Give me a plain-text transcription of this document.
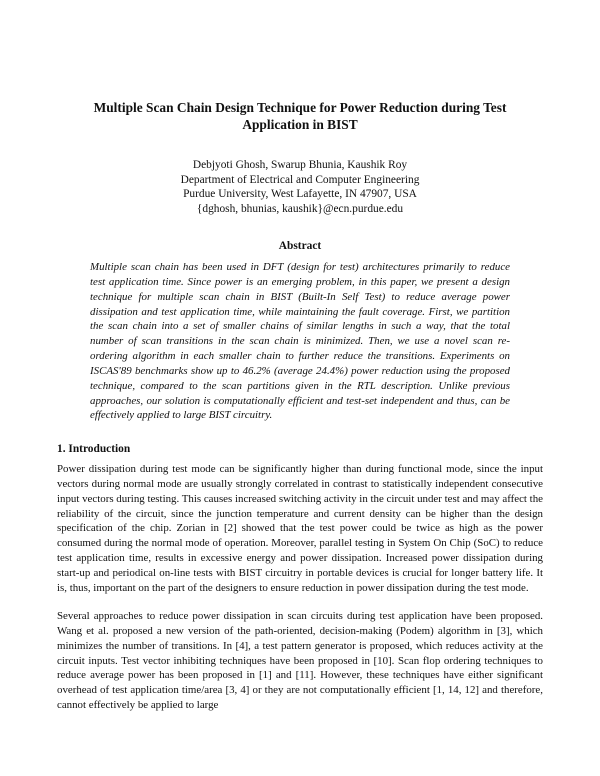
Multiple Scan Chain Design Technique for Power Reduction during Test Application in BIST
Debjyoti Ghosh, Swarup Bhunia, Kaushik Roy
Department of Electrical and Computer Engineering
Purdue University, West Lafayette, IN 47907, USA
{dghosh, bhunias, kaushik}@ecn.purdue.edu
Abstract

Multiple scan chain has been used in DFT (design for test) architectures primarily to reduce test application time. Since power is an emerging problem, in this paper, we present a design technique for multiple scan chain in BIST (Built-In Self Test) to reduce average power dissipation and test application time, while maintaining the fault coverage. First, we partition the scan chain into a set of smaller chains of similar lengths in such a way, that the total number of scan transitions in the scan chain is minimized. Then, we use a novel scan re-ordering algorithm in each smaller chain to further reduce the transitions. Experiments on ISCAS'89 benchmarks show up to 46.2% (average 24.4%) power reduction using the proposed technique, compared to the scan partitions given in the RTL description. Unlike previous approaches, our solution is computationally efficient and test-set independent and thus, can be effectively applied to large BIST circuitry.

1. Introduction

Power dissipation during test mode can be significantly higher than during functional mode, since the input vectors during normal mode are usually strongly correlated in contrast to statistically independent consecutive input vectors during testing. This causes increased switching activity in the circuit under test and may affect the reliability of the circuit, since the junction temperature and current density can be higher than the design specification of the chip. Zorian in [2] showed that the test power could be twice as high as the power consumed during the normal mode of operation. Moreover, parallel testing in System On Chip (SoC) to reduce test application time, results in excessive energy and power dissipation. Increased power dissipation during start-up and periodical on-line tests with BIST circuitry in portable devices is crucial for longer battery life. It is, thus, important on the part of the designers to ensure reduction in power dissipation during the test mode.

Several approaches to reduce power dissipation in scan circuits during test application have been proposed. Wang et al. proposed a new version of the path-oriented, decision-making (Podem) algorithm in [3], which minimizes the number of transitions. In [4], a test pattern generator is proposed, which reduces activity at the circuit inputs. Test vector inhibiting techniques have been proposed in [10]. Scan flop ordering techniques to reduce average power has been proposed in [1] and [11]. However, these techniques have either significant overhead of test application time/area [3, 4] or they are not computationally efficient [1, 14, 12] and therefore, cannot effectively be applied to large
